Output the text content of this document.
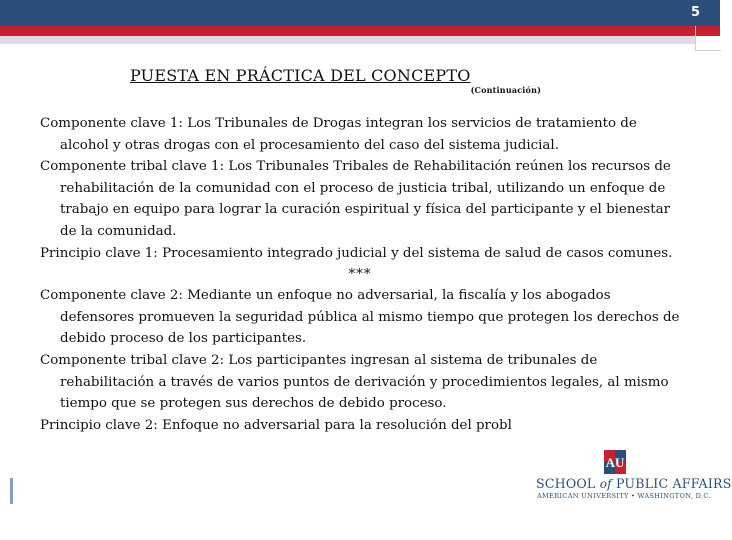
5
PUESTA EN PRÁCTICA DEL CONCEPTO(Continuación)

Componente clave 1: Los Tribunales de Drogas integran los servicios de tratamiento de alcohol y otras drogas con el procesamiento del caso del sistema judicial.

Componente tribal clave 1: Los Tribunales Tribales de Rehabilitación reúnen los recursos de rehabilitación de la comunidad con el proceso de justicia tribal, utilizando un enfoque de trabajo en equipo para lograr la curación espiritual y física del participante y el bienestar de la comunidad.

Principio clave 1: Procesamiento integrado judicial y del sistema de salud de casos comunes.

***

Componente clave 2: Mediante un enfoque no adversarial, la fiscalía y los abogados defensores promueven la seguridad pública al mismo tiempo que protegen los derechos de debido proceso de los participantes.

Componente tribal clave 2: Los participantes ingresan al sistema de tribunales de rehabilitación a través de varios puntos de derivación y procedimientos legales, al mismo tiempo que se protegen sus derechos de debido proceso.

Principio clave 2: Enfoque no adversarial para la resolución del probl

AU
SCHOOL of PUBLIC AFFAIRS
AMERICAN UNIVERSITY • WASHINGTON, D.C.
